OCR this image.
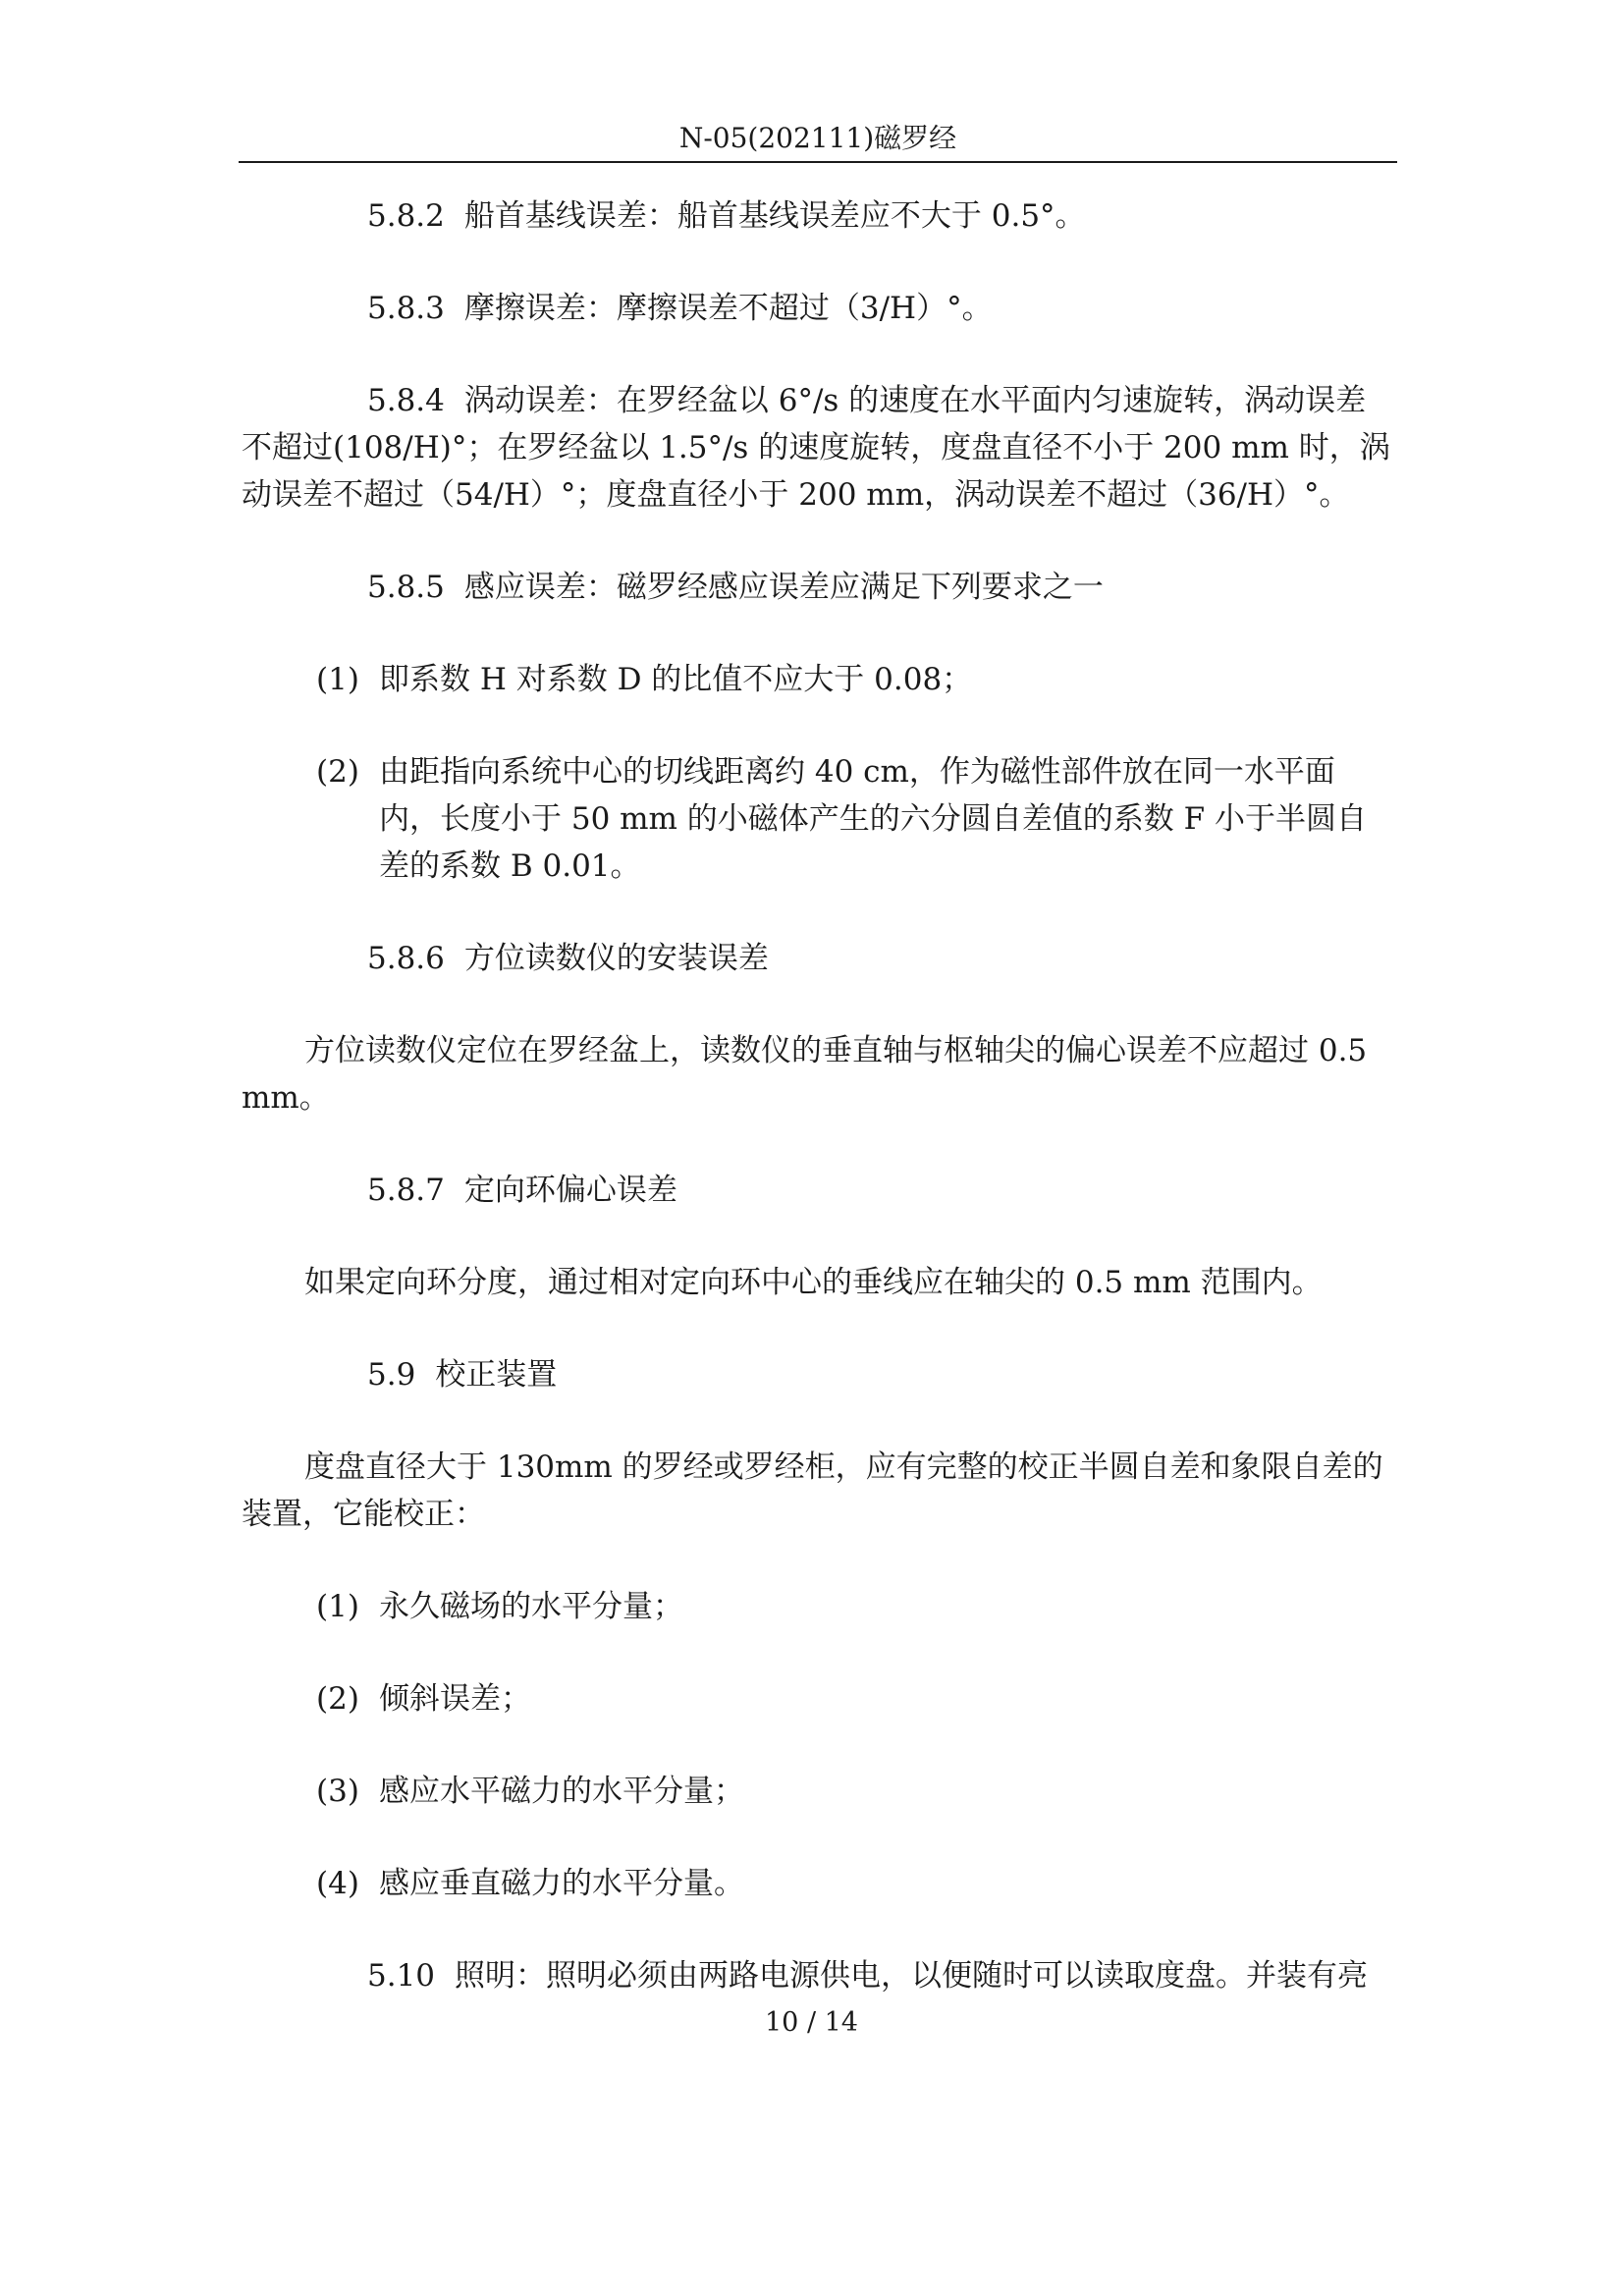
N-05(202111)磁罗经

5.8.2 船首基线误差：船首基线误差应不大于 0.5°。

5.8.3 摩擦误差：摩擦误差不超过（3/H）°。

5.8.4 涡动误差：在罗经盆以 6°/s 的速度在水平面内匀速旋转，涡动误差不超过(108/H)°；在罗经盆以 1.5°/s 的速度旋转，度盘直径不小于 200 mm 时，涡动误差不超过（54/H）°；度盘直径小于 200 mm，涡动误差不超过（36/H）°。

5.8.5 感应误差：磁罗经感应误差应满足下列要求之一

(1) 即系数 H 对系数 D 的比值不应大于 0.08；

(2) 由距指向系统中心的切线距离约 40 cm，作为磁性部件放在同一水平面内，长度小于 50 mm 的小磁体产生的六分圆自差值的系数 F 小于半圆自差的系数 B 0.01。

5.8.6 方位读数仪的安装误差

方位读数仪定位在罗经盆上，读数仪的垂直轴与枢轴尖的偏心误差不应超过 0.5 mm。

5.8.7 定向环偏心误差

如果定向环分度，通过相对定向环中心的垂线应在轴尖的 0.5 mm 范围内。

5.9 校正装置

度盘直径大于 130mm 的罗经或罗经柜，应有完整的校正半圆自差和象限自差的装置，它能校正：

(1) 永久磁场的水平分量；

(2) 倾斜误差；

(3) 感应水平磁力的水平分量；

(4) 感应垂直磁力的水平分量。

5.10 照明：照明必须由两路电源供电，以便随时可以读取度盘。并装有亮

10 / 14
